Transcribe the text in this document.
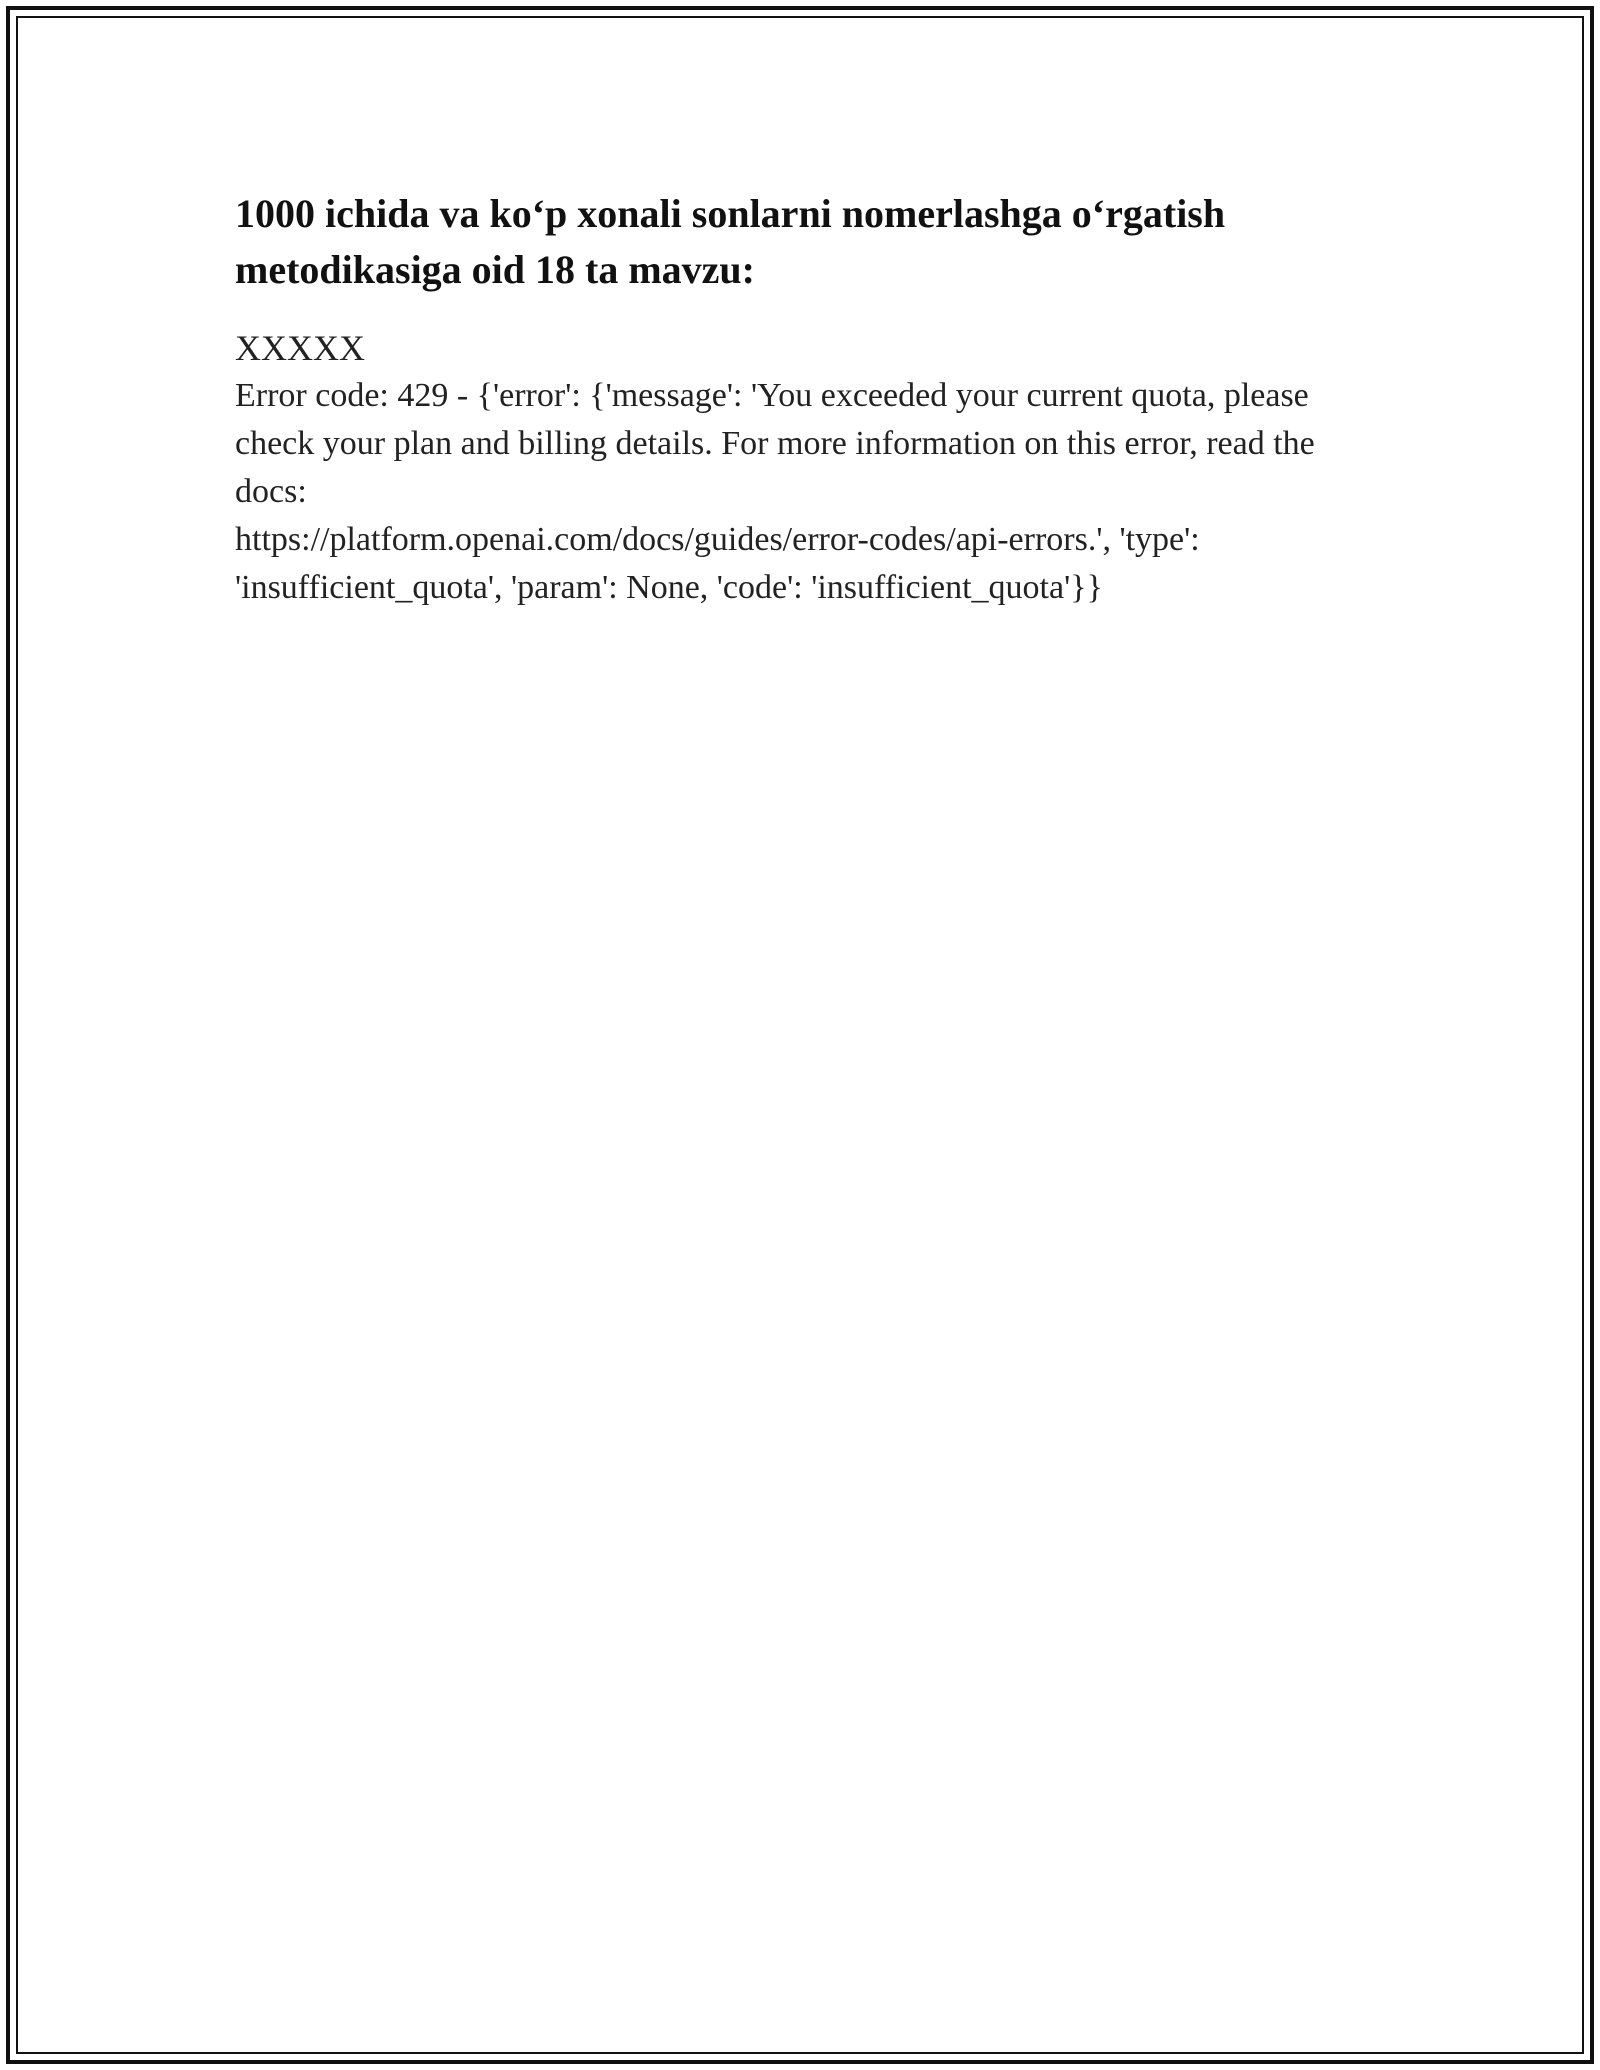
1000 ichida va ko‘p xonali sonlarni nomerlashga o‘rgatish metodikasiga oid 18 ta mavzu:

XXXXX

Error code: 429 - {'error': {'message': 'You exceeded your current quota, please check your plan and billing details. For more information on this error, read the docs:
https://platform.openai.com/docs/guides/error-codes/api-errors.', 'type':
'insufficient_quota', 'param': None, 'code': 'insufficient_quota'}}
